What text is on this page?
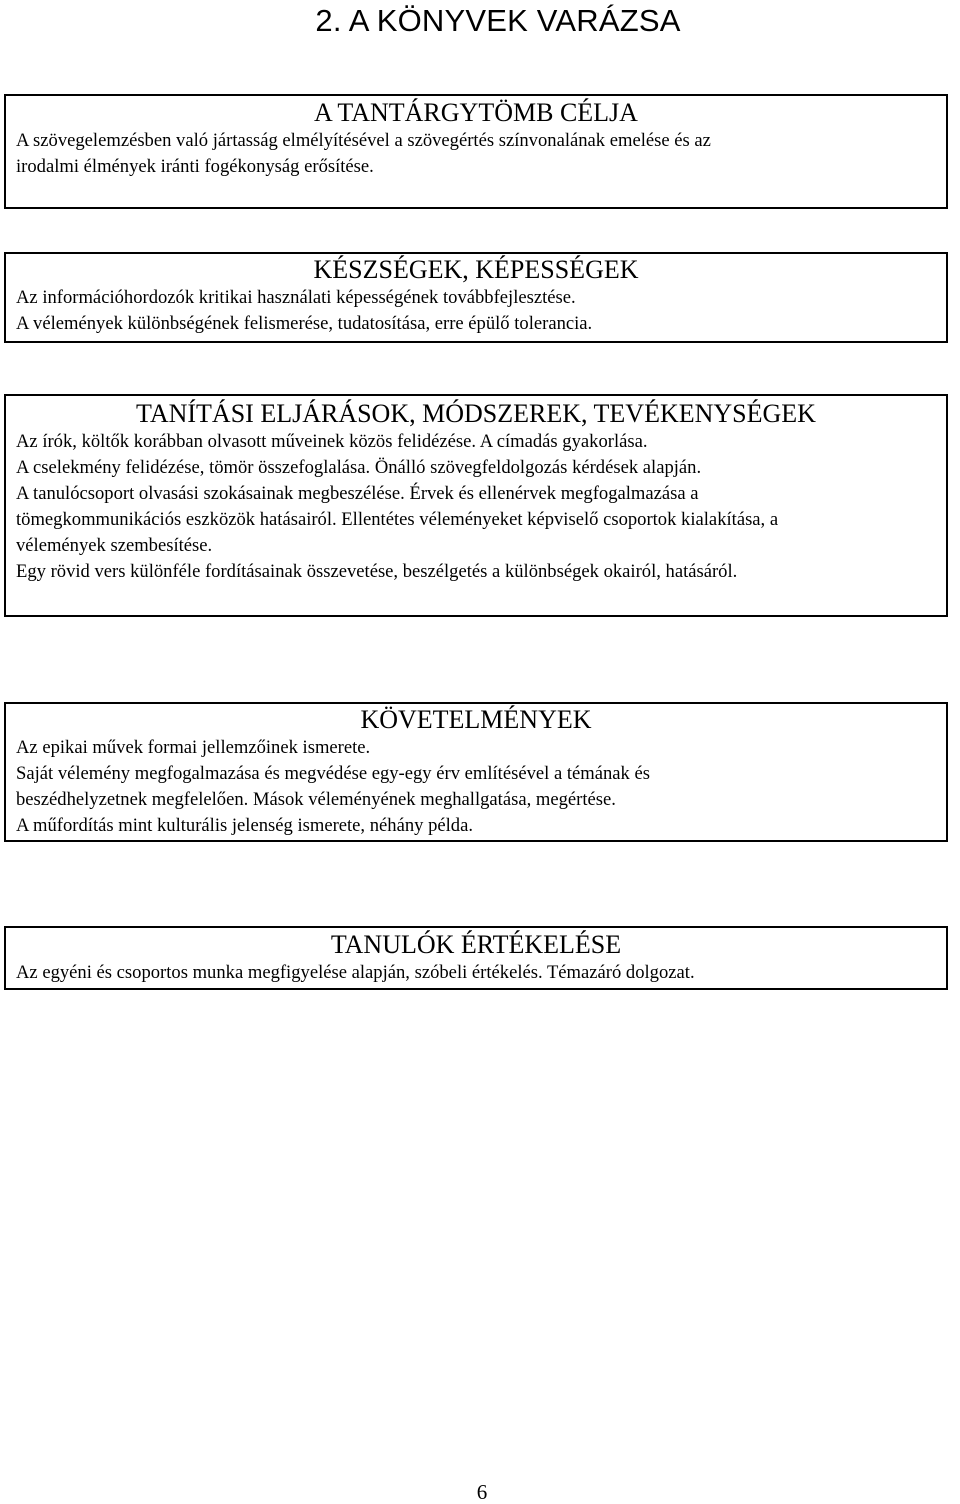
2. A KÖNYVEK VARÁZSA
A TANTÁRGYTÖMB CÉLJA
A szövegelemzésben való jártasság elmélyítésével a szövegértés színvonalának emelése és az
irodalmi élmények iránti fogékonyság erősítése.
KÉSZSÉGEK, KÉPESSÉGEK
Az információhordozók kritikai használati képességének továbbfejlesztése.
A vélemények különbségének felismerése, tudatosítása, erre épülő tolerancia.
TANÍTÁSI ELJÁRÁSOK, MÓDSZEREK, TEVÉKENYSÉGEK
Az írók, költők korábban olvasott műveinek közös felidézése. A címadás gyakorlása.
A cselekmény felidézése, tömör összefoglalása. Önálló szövegfeldolgozás kérdések alapján.
A tanulócsoport olvasási szokásainak megbeszélése. Érvek és ellenérvek megfogalmazása a
tömegkommunikációs eszközök hatásairól. Ellentétes véleményeket képviselő csoportok kialakítása, a
vélemények szembesítése.
Egy rövid vers különféle fordításainak összevetése, beszélgetés a különbségek okairól, hatásáról.
KÖVETELMÉNYEK
Az epikai művek formai jellemzőinek ismerete.
Saját vélemény megfogalmazása és megvédése egy-egy érv említésével a témának és
beszédhelyzetnek megfelelően. Mások véleményének meghallgatása, megértése.
A műfordítás mint kulturális jelenség ismerete, néhány példa.
TANULÓK ÉRTÉKELÉSE
Az egyéni és csoportos munka megfigyelése alapján, szóbeli értékelés. Témazáró dolgozat.
6
